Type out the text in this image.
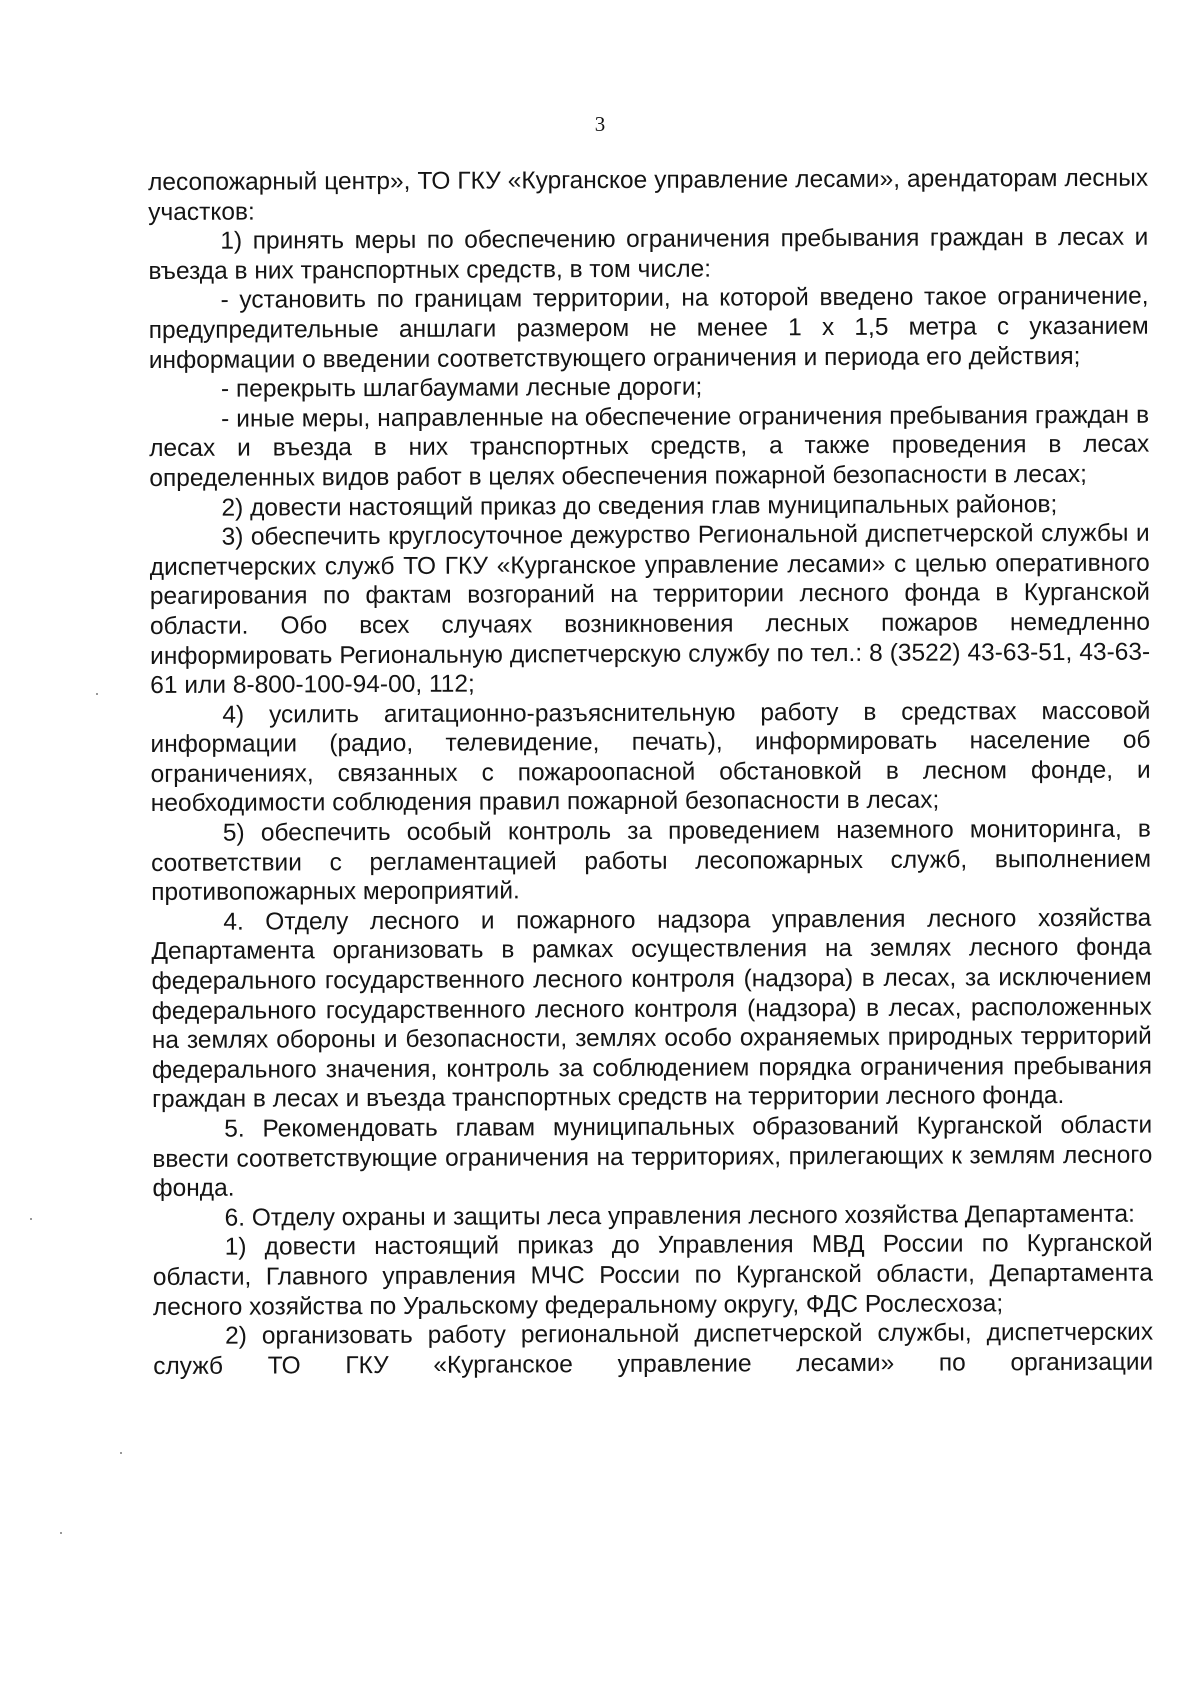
3

лесопожарный центр», ТО ГКУ «Курганское управление лесами», арендаторам лесных участков:

1) принять меры по обеспечению ограничения пребывания граждан в лесах и въезда в них транспортных средств, в том числе:

- установить по границам территории, на которой введено такое ограничение, предупредительные аншлаги размером не менее 1 х 1,5 метра с указанием информации о введении соответствующего ограничения и периода его действия;

- перекрыть шлагбаумами лесные дороги;

- иные меры, направленные на обеспечение ограничения пребывания граждан в лесах и въезда в них транспортных средств, а также проведения в лесах определенных видов работ в целях обеспечения пожарной безопасности в лесах;

2) довести настоящий приказ до сведения глав муниципальных районов;

3) обеспечить круглосуточное дежурство Региональной диспетчерской службы и диспетчерских служб ТО ГКУ «Курганское управление лесами» с целью оперативного реагирования по фактам возгораний на территории лесного фонда в Курганской области. Обо всех случаях возникновения лесных пожаров немедленно информировать Региональную диспетчерскую службу по тел.: 8 (3522) 43-63-51, 43-63-61 или 8-800-100-94-00, 112;

4) усилить агитационно-разъяснительную работу в средствах массовой информации (радио, телевидение, печать), информировать население об ограничениях, связанных с пожароопасной обстановкой в лесном фонде, и необходимости соблюдения правил пожарной безопасности в лесах;

5) обеспечить особый контроль за проведением наземного мониторинга, в соответствии с регламентацией работы лесопожарных служб, выполнением противопожарных мероприятий.

4. Отделу лесного и пожарного надзора управления лесного хозяйства Департамента организовать в рамках осуществления на землях лесного фонда федерального государственного лесного контроля (надзора) в лесах, за исключением федерального государственного лесного контроля (надзора) в лесах, расположенных на землях обороны и безопасности, землях особо охраняемых природных территорий федерального значения, контроль за соблюдением порядка ограничения пребывания граждан в лесах и въезда транспортных средств на территории лесного фонда.

5. Рекомендовать главам муниципальных образований Курганской области ввести соответствующие ограничения на территориях, прилегающих к землям лесного фонда.

6. Отделу охраны и защиты леса управления лесного хозяйства Департамента:

1) довести настоящий приказ до Управления МВД России по Курганской области, Главного управления МЧС России по Курганской области, Департамента лесного хозяйства по Уральскому федеральному округу, ФДС Рослесхоза;

2) организовать работу региональной диспетчерской службы, диспетчерских служб ТО ГКУ «Курганское управление лесами» по организации
